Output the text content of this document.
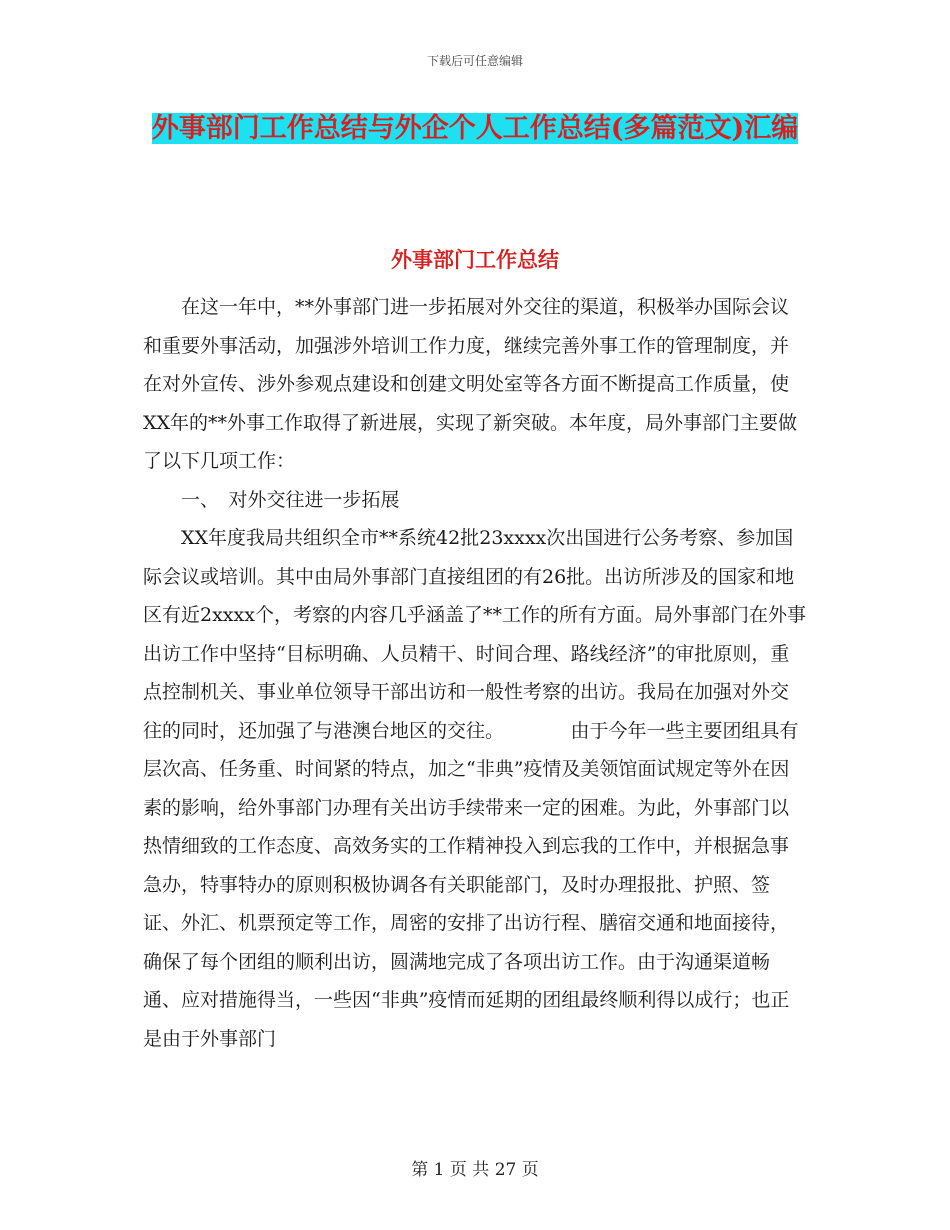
下载后可任意编辑
外事部门工作总结与外企个人工作总结(多篇范文)汇编
外事部门工作总结

在这一年中，**外事部门进一步拓展对外交往的渠道，积极举办国际会议和重要外事活动，加强涉外培训工作力度，继续完善外事工作的管理制度，并在对外宣传、涉外参观点建设和创建文明处室等各方面不断提高工作质量，使XX年的**外事工作取得了新进展，实现了新突破。本年度，局外事部门主要做了以下几项工作：

一、　对外交往进一步拓展

XX年度我局共组织全市**系统42批23xxxx次出国进行公务考察、参加国际会议或培训。其中由局外事部门直接组团的有26批。出访所涉及的国家和地区有近2xxxx个，考察的内容几乎涵盖了**工作的所有方面。局外事部门在外事出访工作中坚持“目标明确、人员精干、时间合理、路线经济”的审批原则，重点控制机关、事业单位领导干部出访和一般性考察的出访。我局在加强对外交往的同时，还加强了与港澳台地区的交往。　　　　由于今年一些主要团组具有层次高、任务重、时间紧的特点，加之“非典”疫情及美领馆面试规定等外在因素的影响，给外事部门办理有关出访手续带来一定的困难。为此，外事部门以热情细致的工作态度、高效务实的工作精神投入到忘我的工作中，并根据急事急办，特事特办的原则积极协调各有关职能部门，及时办理报批、护照、签证、外汇、机票预定等工作，周密的安排了出访行程、膳宿交通和地面接待，确保了每个团组的顺利出访，圆满地完成了各项出访工作。由于沟通渠道畅通、应对措施得当，一些因“非典”疫情而延期的团组最终顺利得以成行；也正是由于外事部门

第 1 页 共 27 页
